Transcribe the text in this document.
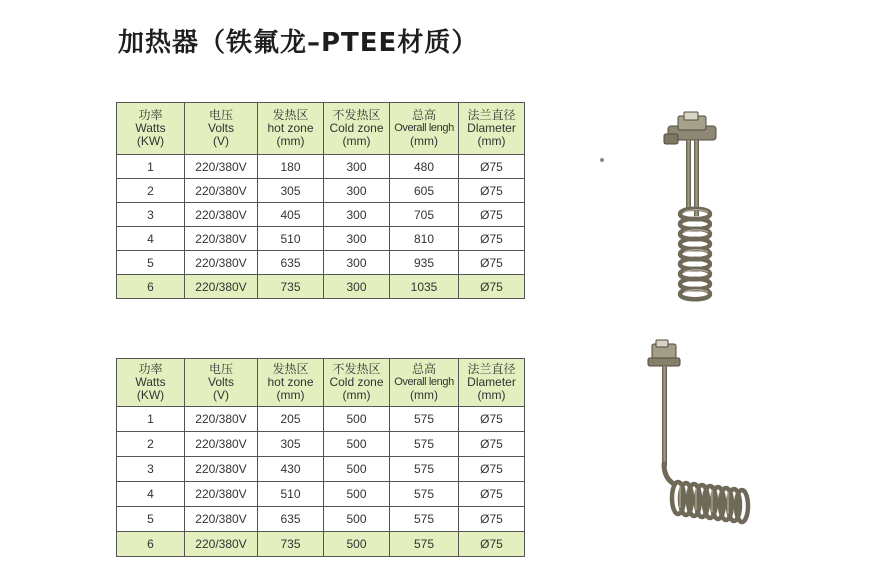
加热器（铁氟龙–PTEE材质）
功率
Watts
(KW)	电压
Volts
(V)	发热区
hot zone
(mm)	不发热区
Cold zone
(mm)	总高
Overall lengh
(mm)	法兰直径
Dlameter
(mm)

1	220/380V	180	300	480	Ø75
2	220/380V	305	300	605	Ø75
3	220/380V	405	300	705	Ø75
4	220/380V	510	300	810	Ø75
5	220/380V	635	300	935	Ø75
6	220/380V	735	300	1035	Ø75
功率
Watts
(KW)	电压
Volts
(V)	发热区
hot zone
(mm)	不发热区
Cold zone
(mm)	总高
Overall lengh
(mm)	法兰直径
Dlameter
(mm)

1	220/380V	205	500	575	Ø75
2	220/380V	305	500	575	Ø75
3	220/380V	430	500	575	Ø75
4	220/380V	510	500	575	Ø75
5	220/380V	635	500	575	Ø75
6	220/380V	735	500	575	Ø75
